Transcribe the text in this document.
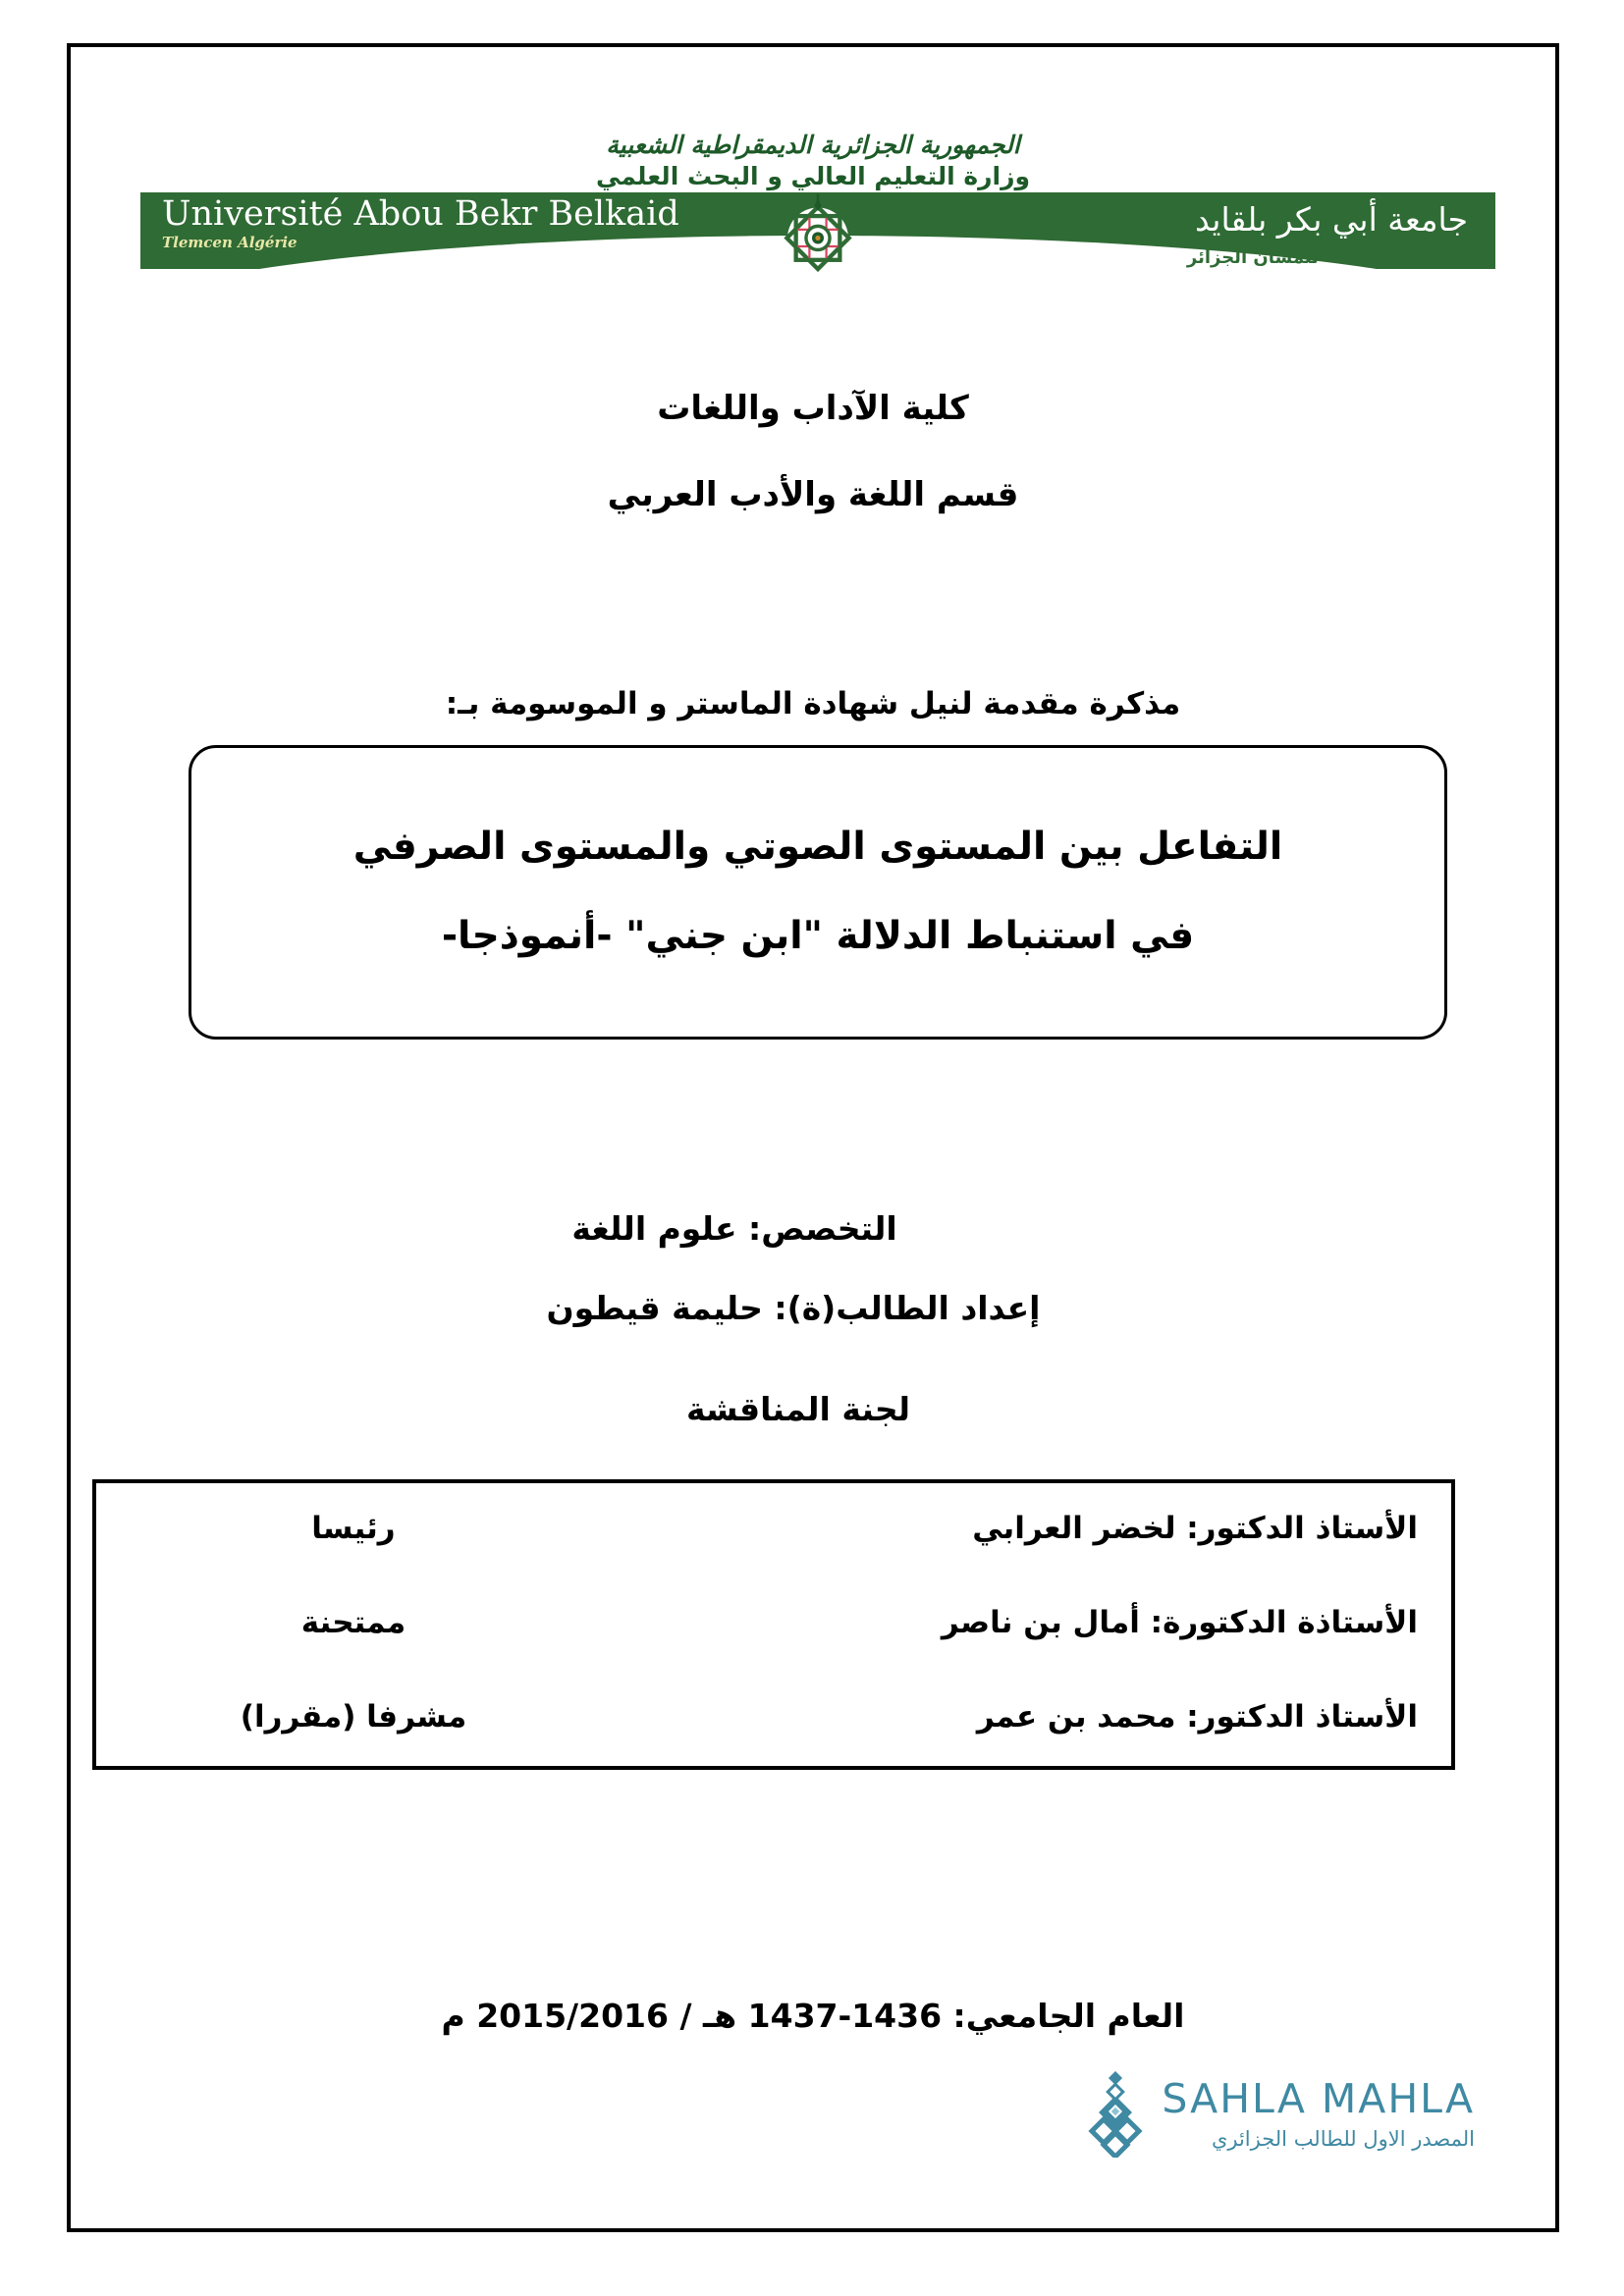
الجمهورية الجزائرية الديمقراطية الشعبية
وزارة التعليم العالي و البحث العلمي
Université Abou Bekr Belkaid
Tlemcen Algérie
جامعة أبي بكر بلقايد
تلمسان الجزائر
كلية الآداب واللغات
قسم اللغة والأدب العربي
مذكرة مقدمة لنيل شهادة الماستر و الموسومة بـ:
التفاعل بين المستوى الصوتي والمستوى الصرفي
في استنباط الدلالة "ابن جني" -أنموذجا-
التخصص: علوم اللغة
إعداد الطالب(ة): حليمة قيطون
لجنة المناقشة
الأستاذ الدكتور: لخضر العرابي	رئيسا
الأستاذة الدكتورة: أمال بن ناصر	ممتحنة
الأستاذ الدكتور: محمد بن عمر	مشرفا (مقررا)
العام الجامعي: 1436-1437 هـ / 2015/2016 م
SAHLA MAHLA
المصدر الاول للطالب الجزائري
